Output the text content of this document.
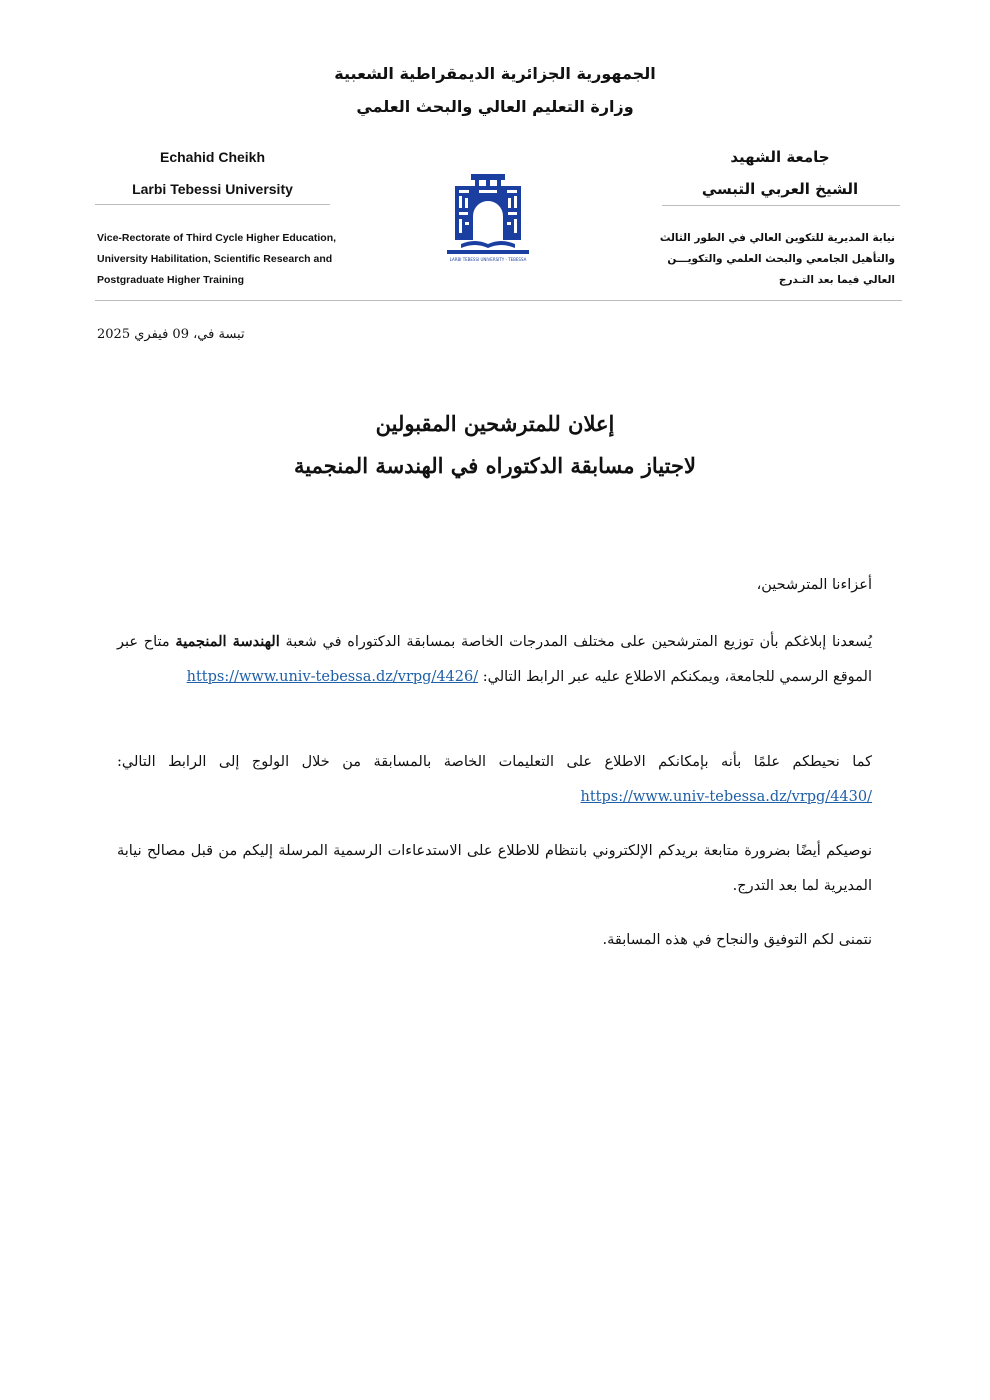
الجمهورية الجزائرية الديمقراطية الشعبية
وزارة التعليم العالي والبحث العلمي
Echahid Cheikh
Larbi Tebessi University
جامعة الشهيد
الشيخ العربي التبسي
LARBI TEBESSI UNIVERSITY - TEBESSA
Vice-Rectorate of Third Cycle Higher Education,
University Habilitation, Scientific Research and
Postgraduate Higher Training
نيابة المديرية للتكوين العالي في الطور الثالث
والتأهيل الجامعي والبحث العلمي والتكويـــن
العالي فيما بعد التـدرج
تبسة في، 09 فيفري 2025
إعلان للمترشحين المقبولين
لاجتياز مسابقة الدكتوراه في الهندسة المنجمية
أعزاءنا المترشحين،
يُسعدنا إبلاغكم بأن توزيع المترشحين على مختلف المدرجات الخاصة بمسابقة الدكتوراه في شعبة الهندسة المنجمية متاح عبر الموقع الرسمي للجامعة، ويمكنكم الاطلاع عليه عبر الرابط التالي: https://www.univ-tebessa.dz/vrpg/4426/
كما نحيطكم علمًا بأنه بإمكانكم الاطلاع على التعليمات الخاصة بالمسابقة من خلال الولوج إلى الرابط التالي: https://www.univ-tebessa.dz/vrpg/4430/
نوصيكم أيضًا بضرورة متابعة بريدكم الإلكتروني بانتظام للاطلاع على الاستدعاءات الرسمية المرسلة إليكم من قبل مصالح نيابة المديرية لما بعد التدرج.
نتمنى لكم التوفيق والنجاح في هذه المسابقة.
